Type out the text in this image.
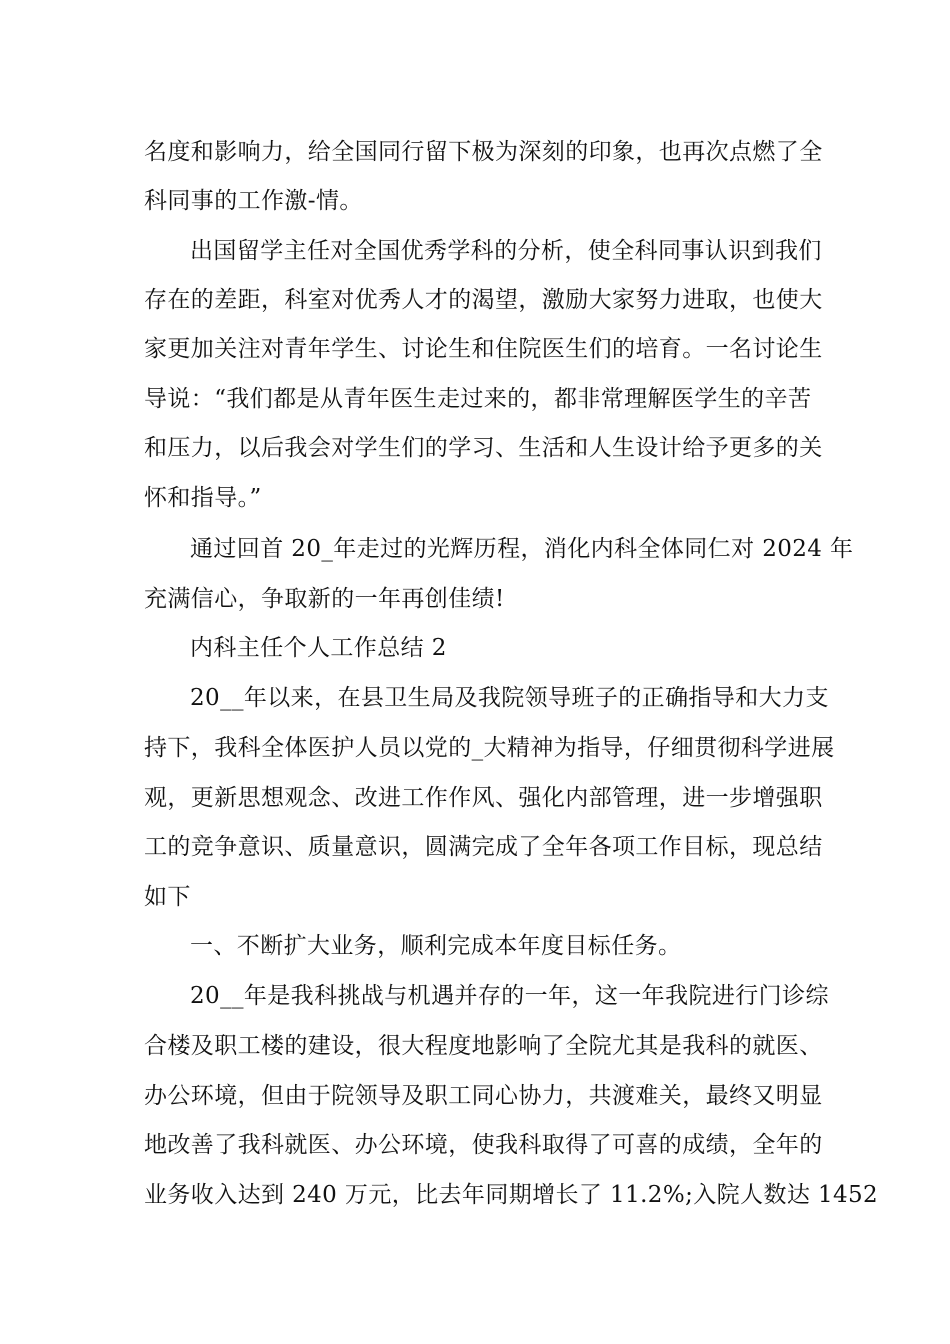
名度和影响力，给全国同行留下极为深刻的印象，也再次点燃了全
科同事的工作激-情。
出国留学主任对全国优秀学科的分析，使全科同事认识到我们
存在的差距，科室对优秀人才的渴望，激励大家努力进取，也使大
家更加关注对青年学生、讨论生和住院医生们的培育。一名讨论生
导说：“我们都是从青年医生走过来的，都非常理解医学生的辛苦
和压力，以后我会对学生们的学习、生活和人生设计给予更多的关
怀和指导。”
通过回首 20_年走过的光辉历程，消化内科全体同仁对 2024 年
充满信心，争取新的一年再创佳绩!
内科主任个人工作总结 2
20__年以来，在县卫生局及我院领导班子的正确指导和大力支
持下，我科全体医护人员以党的_大精神为指导，仔细贯彻科学进展
观，更新思想观念、改进工作作风、强化内部管理，进一步增强职
工的竞争意识、质量意识，圆满完成了全年各项工作目标，现总结
如下
一、不断扩大业务，顺利完成本年度目标任务。
20__年是我科挑战与机遇并存的一年，这一年我院进行门诊综
合楼及职工楼的建设，很大程度地影响了全院尤其是我科的就医、
办公环境，但由于院领导及职工同心协力，共渡难关，最终又明显
地改善了我科就医、办公环境，使我科取得了可喜的成绩，全年的
业务收入达到 240 万元，比去年同期增长了 11.2%;入院人数达 1452
